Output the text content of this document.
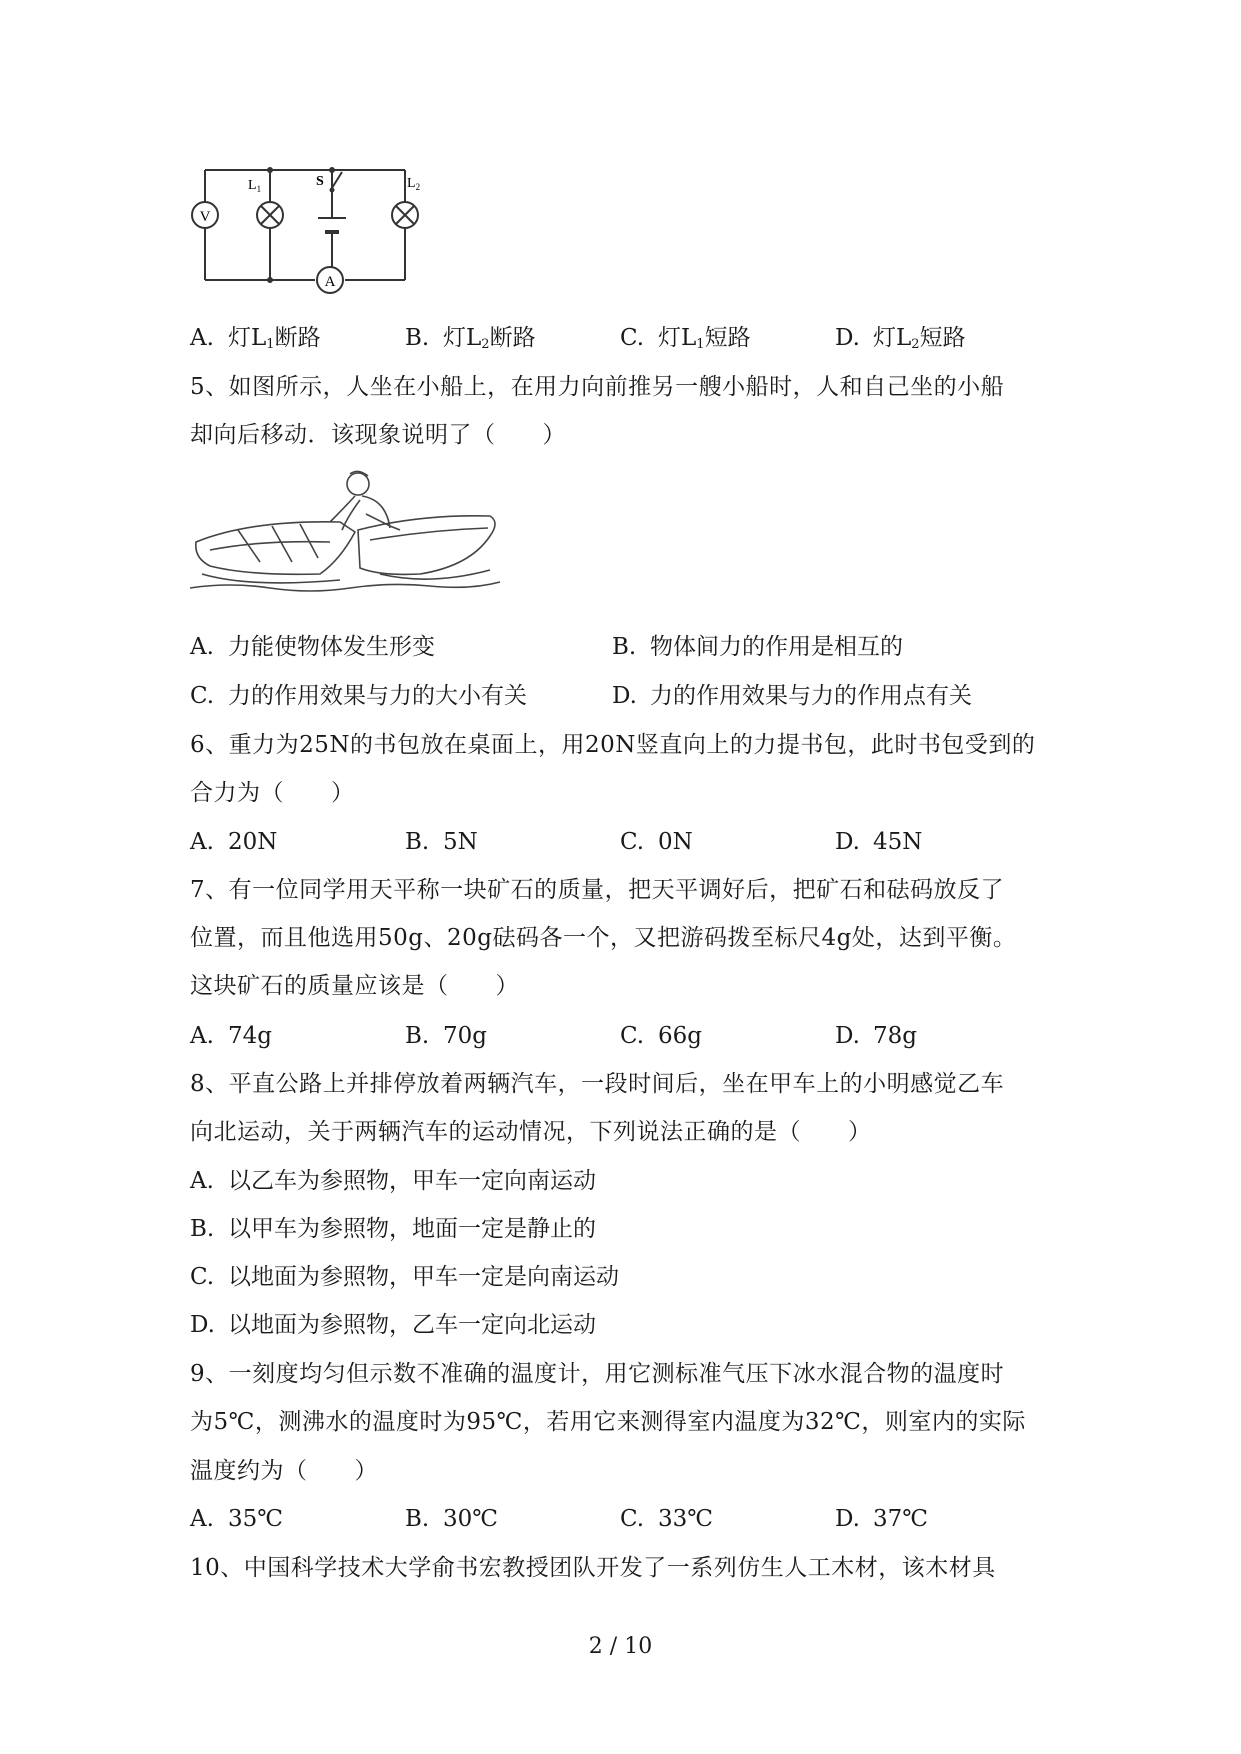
V
$L_1$	S	$L_2$
A
A. 灯$L_1$断路	B. 灯$L_2$断路	C. 灯$L_1$短路	D. 灯$L_2$短路
5、如图所示，人坐在小船上，在用力向前推另一艘小船时，人和自己坐的小船
却向后移动．该现象说明了（　　）
A. 力能使物体发生形变	B. 物体间力的作用是相互的
C. 力的作用效果与力的大小有关	D. 力的作用效果与力的作用点有关
6、重力为25N的书包放在桌面上，用20N竖直向上的力提书包，此时书包受到的
合力为（　　）
A. 20N	B. 5N	C. 0N	D. 45N
7、有一位同学用天平称一块矿石的质量，把天平调好后，把矿石和砝码放反了
位置，而且他选用50g、20g砝码各一个，又把游码拨至标尺4g处，达到平衡。
这块矿石的质量应该是（　　）
A. 74g	B. 70g	C. 66g	D. 78g
8、平直公路上并排停放着两辆汽车，一段时间后，坐在甲车上的小明感觉乙车
向北运动，关于两辆汽车的运动情况，下列说法正确的是（　　）
A. 以乙车为参照物，甲车一定向南运动
B. 以甲车为参照物，地面一定是静止的
C. 以地面为参照物，甲车一定是向南运动
D. 以地面为参照物，乙车一定向北运动
9、一刻度均匀但示数不准确的温度计，用它测标准气压下冰水混合物的温度时
为5℃，测沸水的温度时为95℃，若用它来测得室内温度为32℃，则室内的实际
温度约为（　　）
A. 35℃	B. 30℃	C. 33℃	D. 37℃
10、中国科学技术大学俞书宏教授团队开发了一系列仿生人工木材，该木材具
2 / 10
